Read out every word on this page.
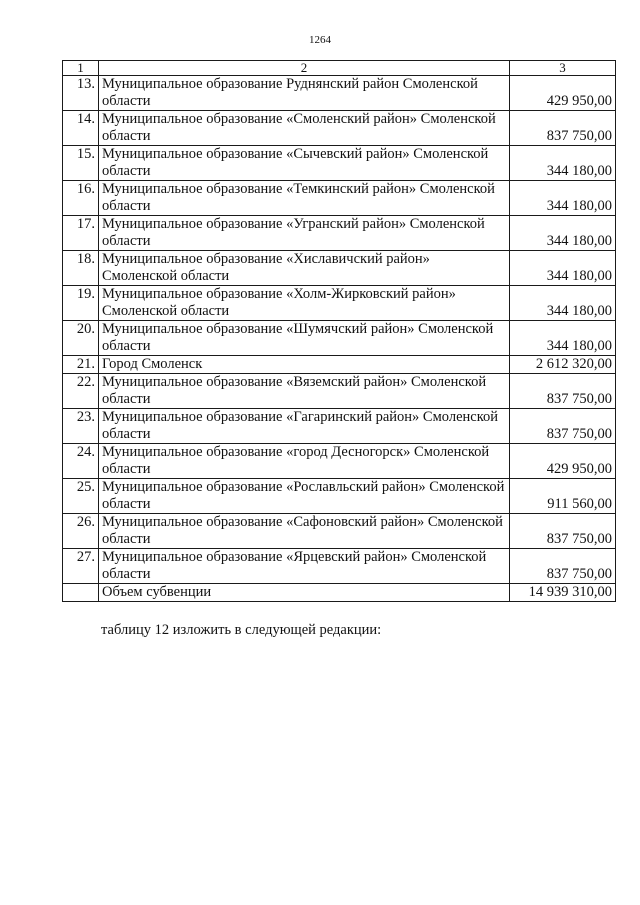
1264
1	2	3
13.	Муниципальное образование Руднянский район Смоленской области	429 950,00
14.	Муниципальное образование «Смоленский район» Смоленской области	837 750,00
15.	Муниципальное образование «Сычевский район» Смоленской области	344 180,00
16.	Муниципальное образование «Темкинский район» Смоленской области	344 180,00
17.	Муниципальное образование «Угранский район» Смоленской области	344 180,00
18.	Муниципальное образование «Хиславичский район» Смоленской области	344 180,00
19.	Муниципальное образование «Холм-Жирковский район» Смоленской области	344 180,00
20.	Муниципальное образование «Шумячский район» Смоленской области	344 180,00
21.	Город Смоленск	2 612 320,00
22.	Муниципальное образование «Вяземский район» Смоленской области	837 750,00
23.	Муниципальное образование «Гагаринский район» Смоленской области	837 750,00
24.	Муниципальное образование «город Десногорск» Смоленской области	429 950,00
25.	Муниципальное образование «Рославльский район» Смоленской области	911 560,00
26.	Муниципальное образование «Сафоновский район» Смоленской области	837 750,00
27.	Муниципальное образование «Ярцевский район» Смоленской области	837 750,00
	Объем субвенции	14 939 310,00
таблицу 12 изложить в следующей редакции:
